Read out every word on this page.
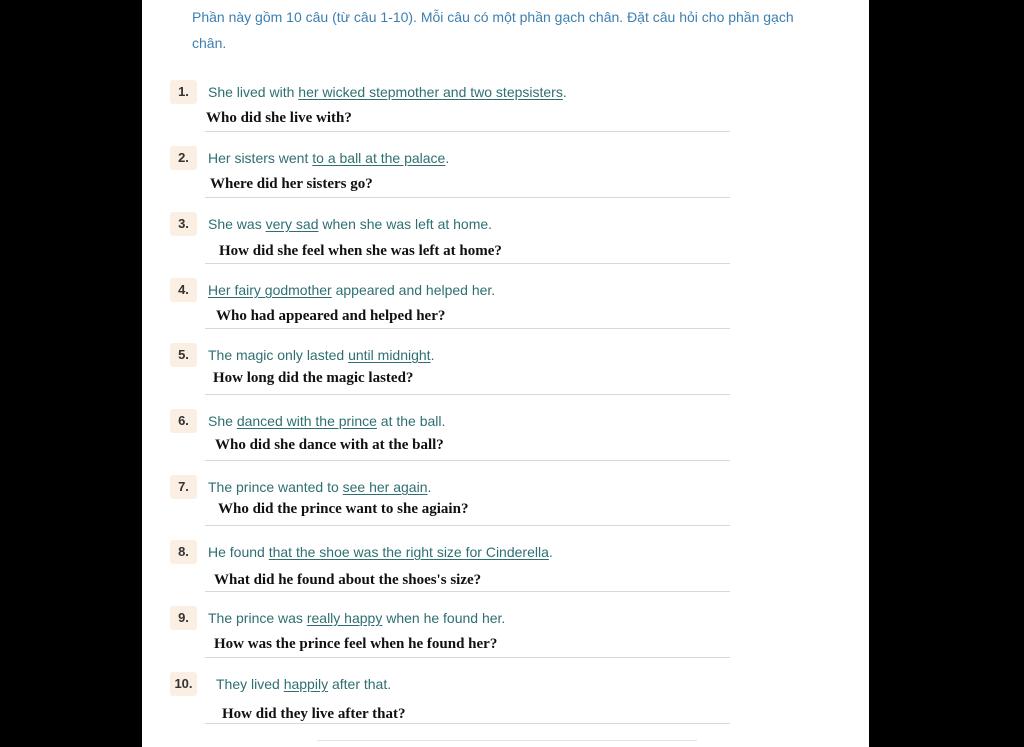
Phần này gồm 10 câu (từ câu 1-10). Mỗi câu có một phần gạch chân. Đặt câu hỏi cho phần gạch chân.

1.	She lived with her wicked stepmother and two stepsisters.
Who did she live with?
2.	Her sisters went to a ball at the palace.
Where did her sisters go?
3.	She was very sad when she was left at home.
How did she feel when she was left at home?
4.	Her fairy godmother appeared and helped her.
Who had appeared and helped her?
5.	The magic only lasted until midnight.
How long did the magic lasted?
6.	She danced with the prince at the ball.
Who did she dance with at the ball?
7.	The prince wanted to see her again.
Who did the prince want to she agiain?
8.	He found that the shoe was the right size for Cinderella.
What did he found about the shoes's size?
9.	The prince was really happy when he found her.
How was the prince feel when he found her?
10.	They lived happily after that.
How did they live after that?
